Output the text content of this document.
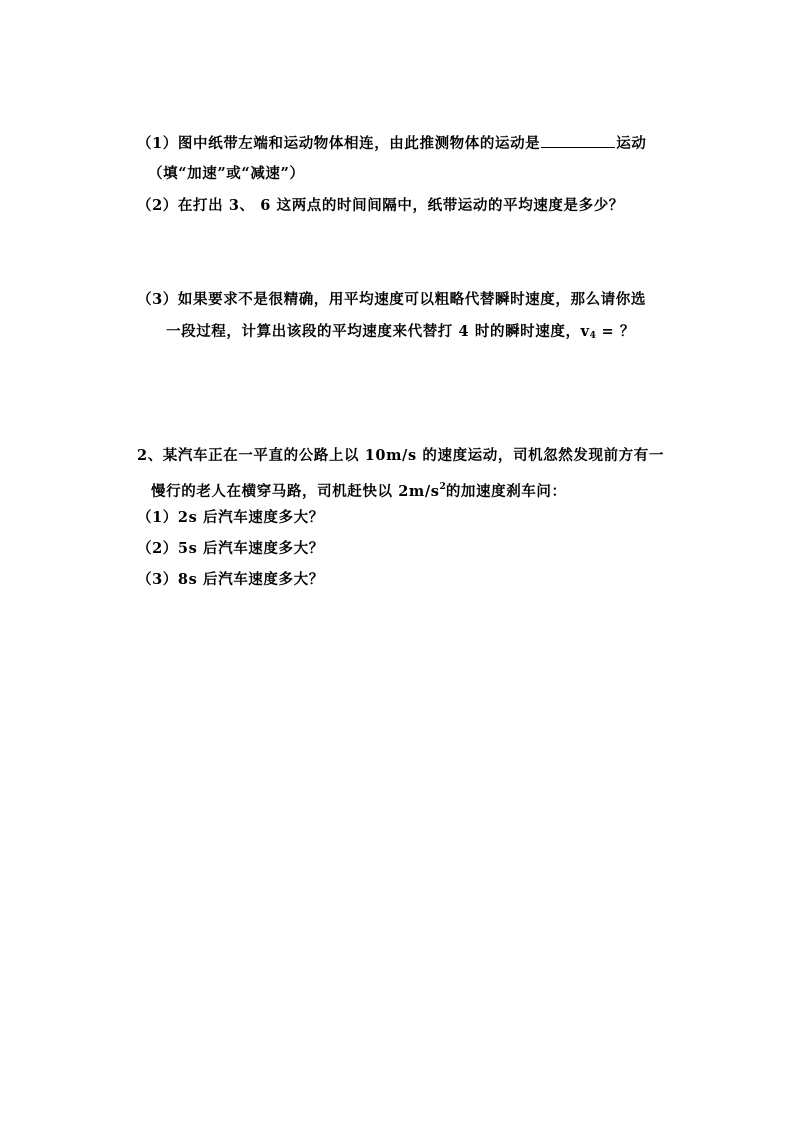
（1）图中纸带左端和运动物体相连，由此推测物体的运动是	运动
（填“加速”或“减速”）
（2）在打出 3、 6 这两点的时间间隔中，纸带运动的平均速度是多少？
（3）如果要求不是很精确，用平均速度可以粗略代替瞬时速度，那么请你选
一段过程，计算出该段的平均速度来代替打 4 时的瞬时速度，$v_4$ = ？
2、某汽车正在一平直的公路上以 10m/s 的速度运动，司机忽然发现前方有一
慢行的老人在横穿马路，司机赶快以 $2m/s^2$的加速度刹车问：
（1）2s 后汽车速度多大？
（2）5s 后汽车速度多大？
（3）8s 后汽车速度多大？
